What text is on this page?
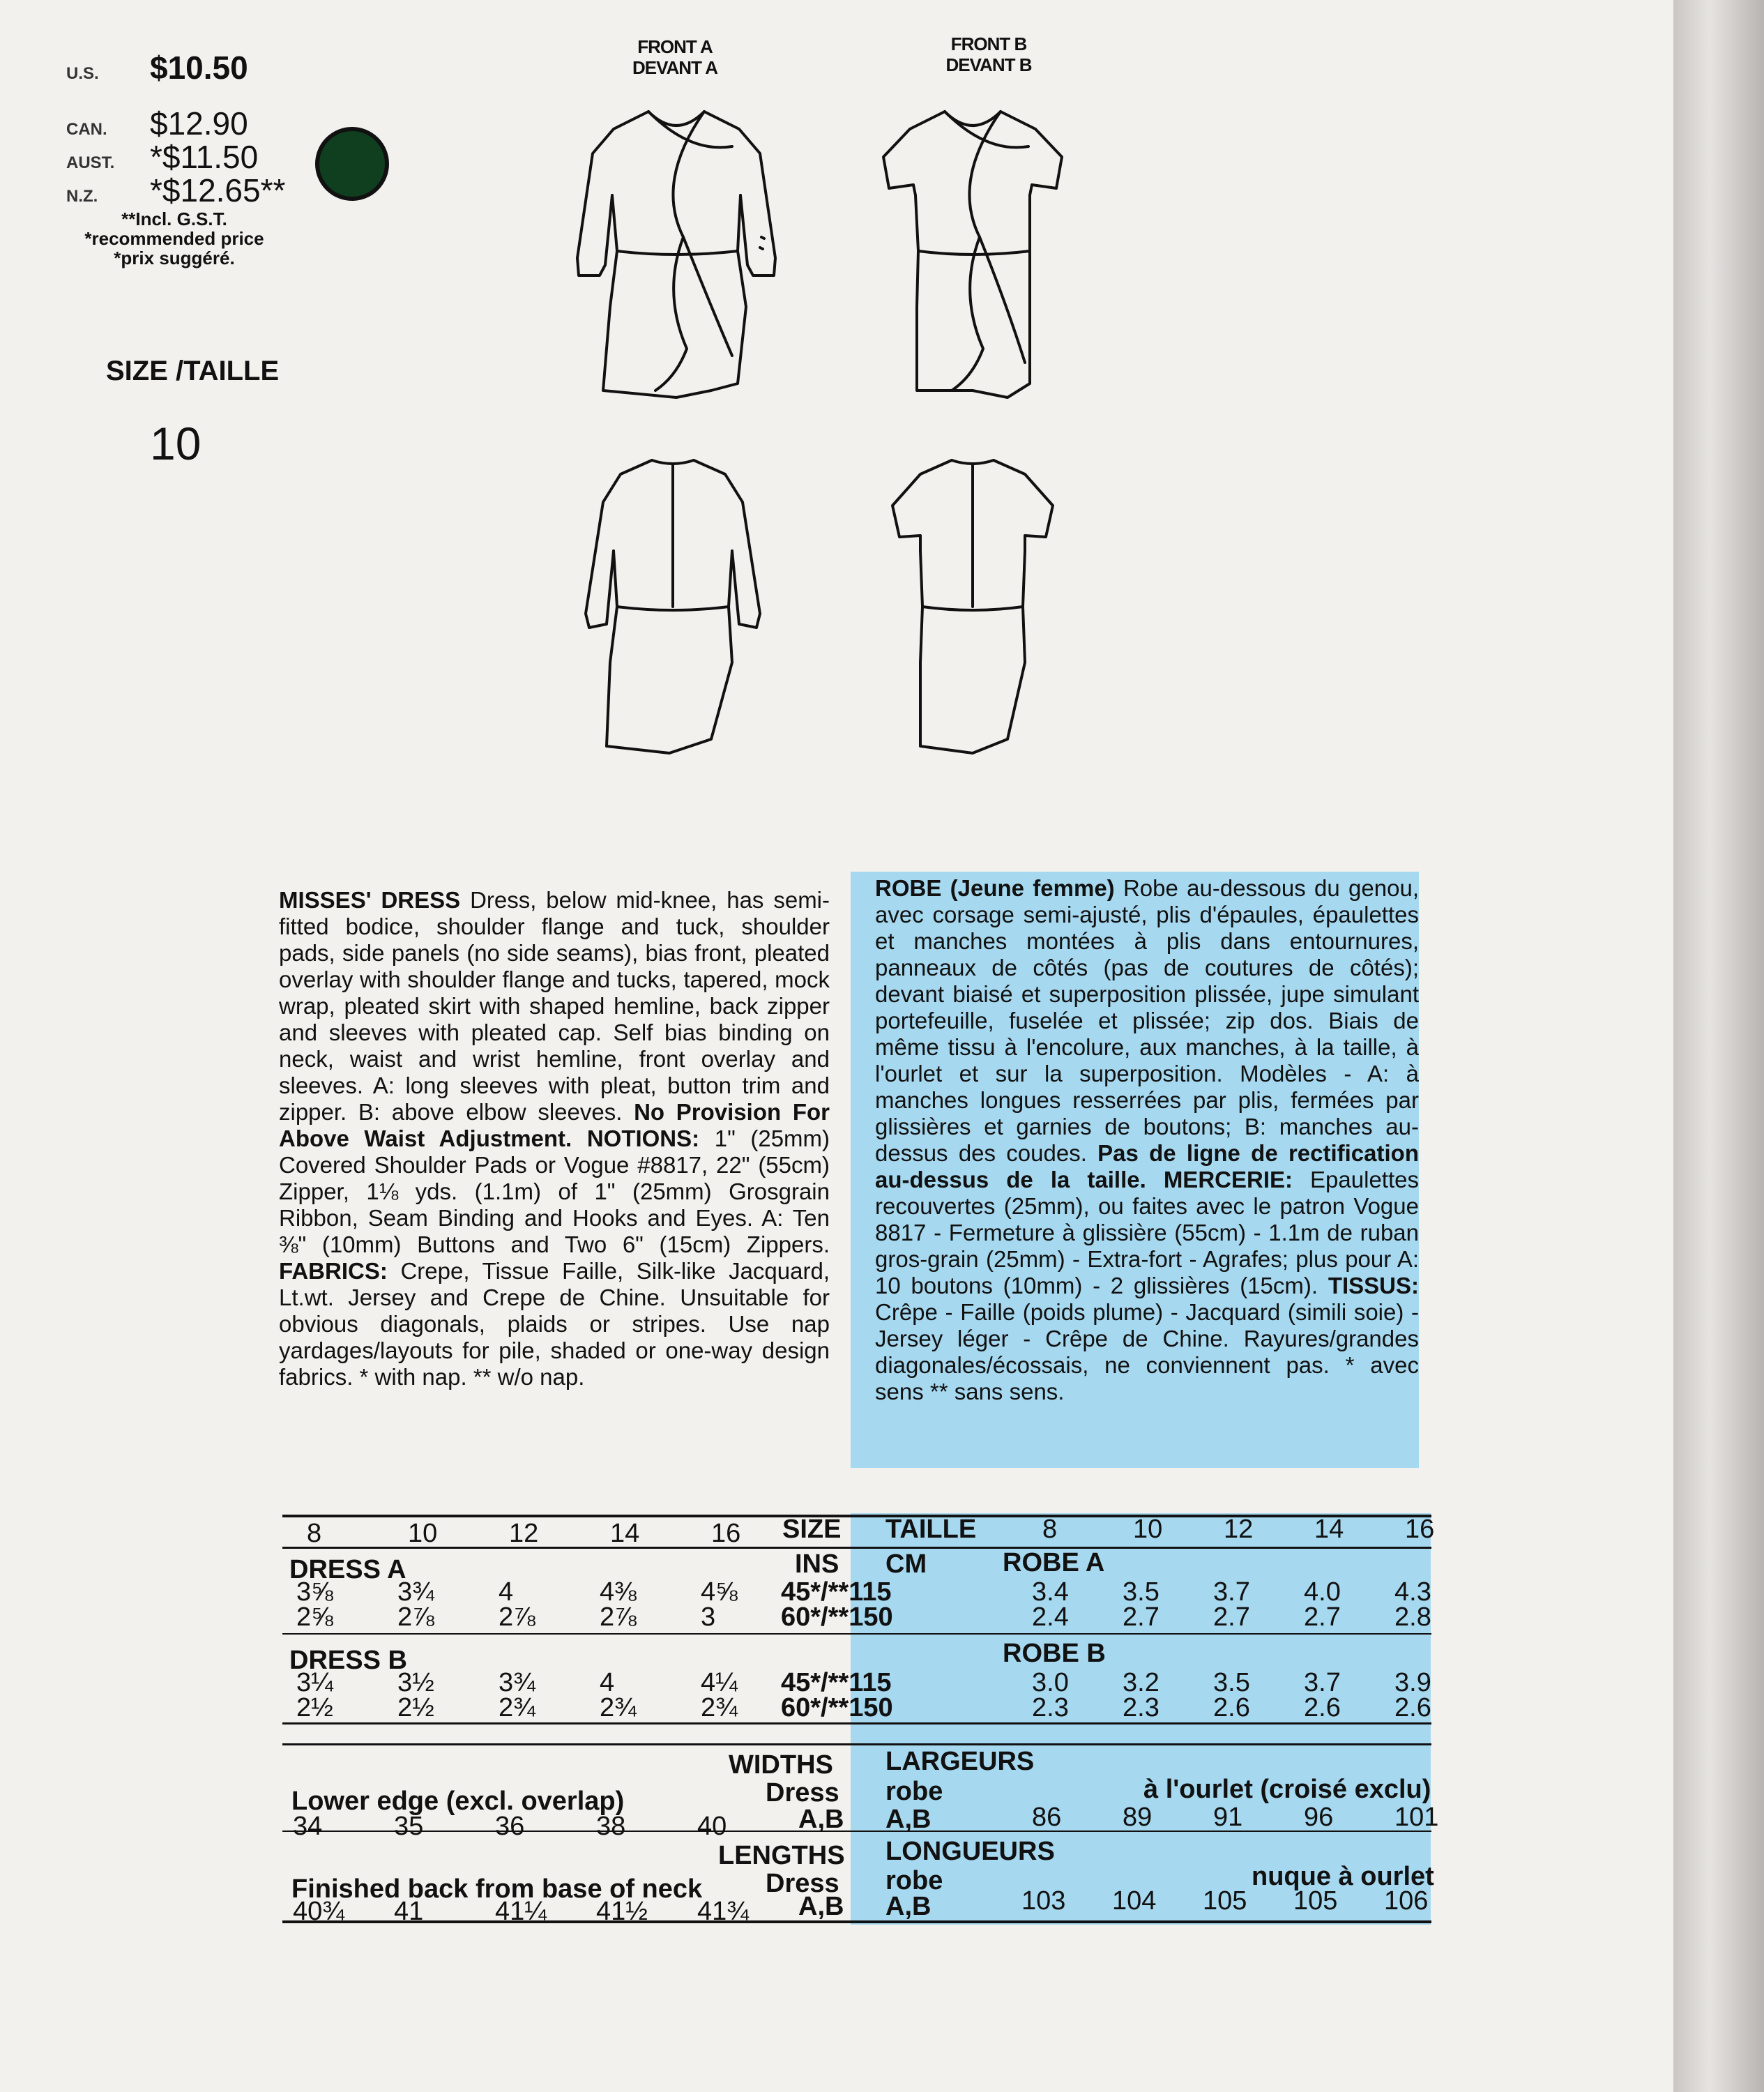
U.S. $10.50
CAN. $12.90
AUST. *$11.50
N.Z. *$12.65**
**Incl. G.S.T.
*recommended price
*prix suggéré.
SIZE /TAILLE
10
FRONT A
DEVANT A
FRONT B
DEVANT B
MISSES' DRESS Dress, below mid-knee, has semi-fitted bodice, shoulder flange and tuck, shoulder pads, side panels (no side seams), bias front, pleated overlay with shoulder flange and tucks, tapered, mock wrap, pleated skirt with shaped hemline, back zipper and sleeves with pleated cap. Self bias binding on neck, waist and wrist hemline, front overlay and sleeves. A: long sleeves with pleat, button trim and zipper. B: above elbow sleeves. No Provision For Above Waist Adjustment. NOTIONS: 1" (25mm) Covered Shoulder Pads or Vogue #8817, 22" (55cm) Zipper, 1⅛ yds. (1.1m) of 1" (25mm) Grosgrain Ribbon, Seam Binding and Hooks and Eyes. A: Ten ⅜" (10mm) Buttons and Two 6" (15cm) Zippers. FABRICS: Crepe, Tissue Faille, Silk-like Jacquard, Lt.wt. Jersey and Crepe de Chine. Unsuitable for obvious diagonals, plaids or stripes. Use nap yardages/layouts for pile, shaded or one-way design fabrics. * with nap. ** w/o nap.
ROBE (Jeune femme) Robe au-dessous du genou, avec corsage semi-ajusté, plis d'épaules, épaulettes et manches montées à plis dans entournures, panneaux de côtés (pas de coutures de côtés); devant biaisé et superposition plissée, jupe simulant portefeuille, fuselée et plissée; zip dos. Biais de même tissu à l'encolure, aux manches, à la taille, à l'ourlet et sur la superposition. Modèles - A: à manches longues resserrées par plis, fermées par glissières et garnies de boutons; B: manches au-dessus des coudes. Pas de ligne de rectification au-dessus de la taille. MERCERIE: Epaulettes recouvertes (25mm), ou faites avec le patron Vogue 8817 - Fermeture à glissière (55cm) - 1.1m de ruban gros-grain (25mm) - Extra-fort - Agrafes; plus pour A: 10 boutons (10mm) - 2 glissières (15cm). TISSUS: Crêpe - Faille (poids plume) - Jacquard (simili soie) - Jersey léger - Crêpe de Chine. Rayures/grandes diagonales/écossais, ne conviennent pas. * avec sens ** sans sens.
8	10	12	14	16 SIZE TAILLE 8	10 12 14 16
DRESS A	INS CM	ROBE A
3⅝ 3¾ 4	4⅜ 4⅝ 45*/**115	3.4 3.5 3.7 4.0 4.3
2⅝ 2⅞ 2⅞ 2⅞ 3 60*/**150	2.4 2.7 2.7 2.7 2.8
DRESS B	ROBE B
3¼ 3½ 3¾ 4	4¼ 45*/**115	3.0 3.2 3.5 3.7 3.9
2½ 2½ 2¾ 2¾ 2¾ 60*/**150	2.3 2.3 2.6 2.6 2.6
WIDTHS LARGEURS
Dress robe
Lower edge (excl. overlap)	à l'ourlet (croisé exclu)
A,B A,B
34	35	36	38	40	86 89 91 96 101
LENGTHS LONGUEURS
Dress robe
Finished back from base of neck	nuque à ourlet
A,B A,B
40¾ 41	41¼ 41½ 41¾	103 104 105 105 106
